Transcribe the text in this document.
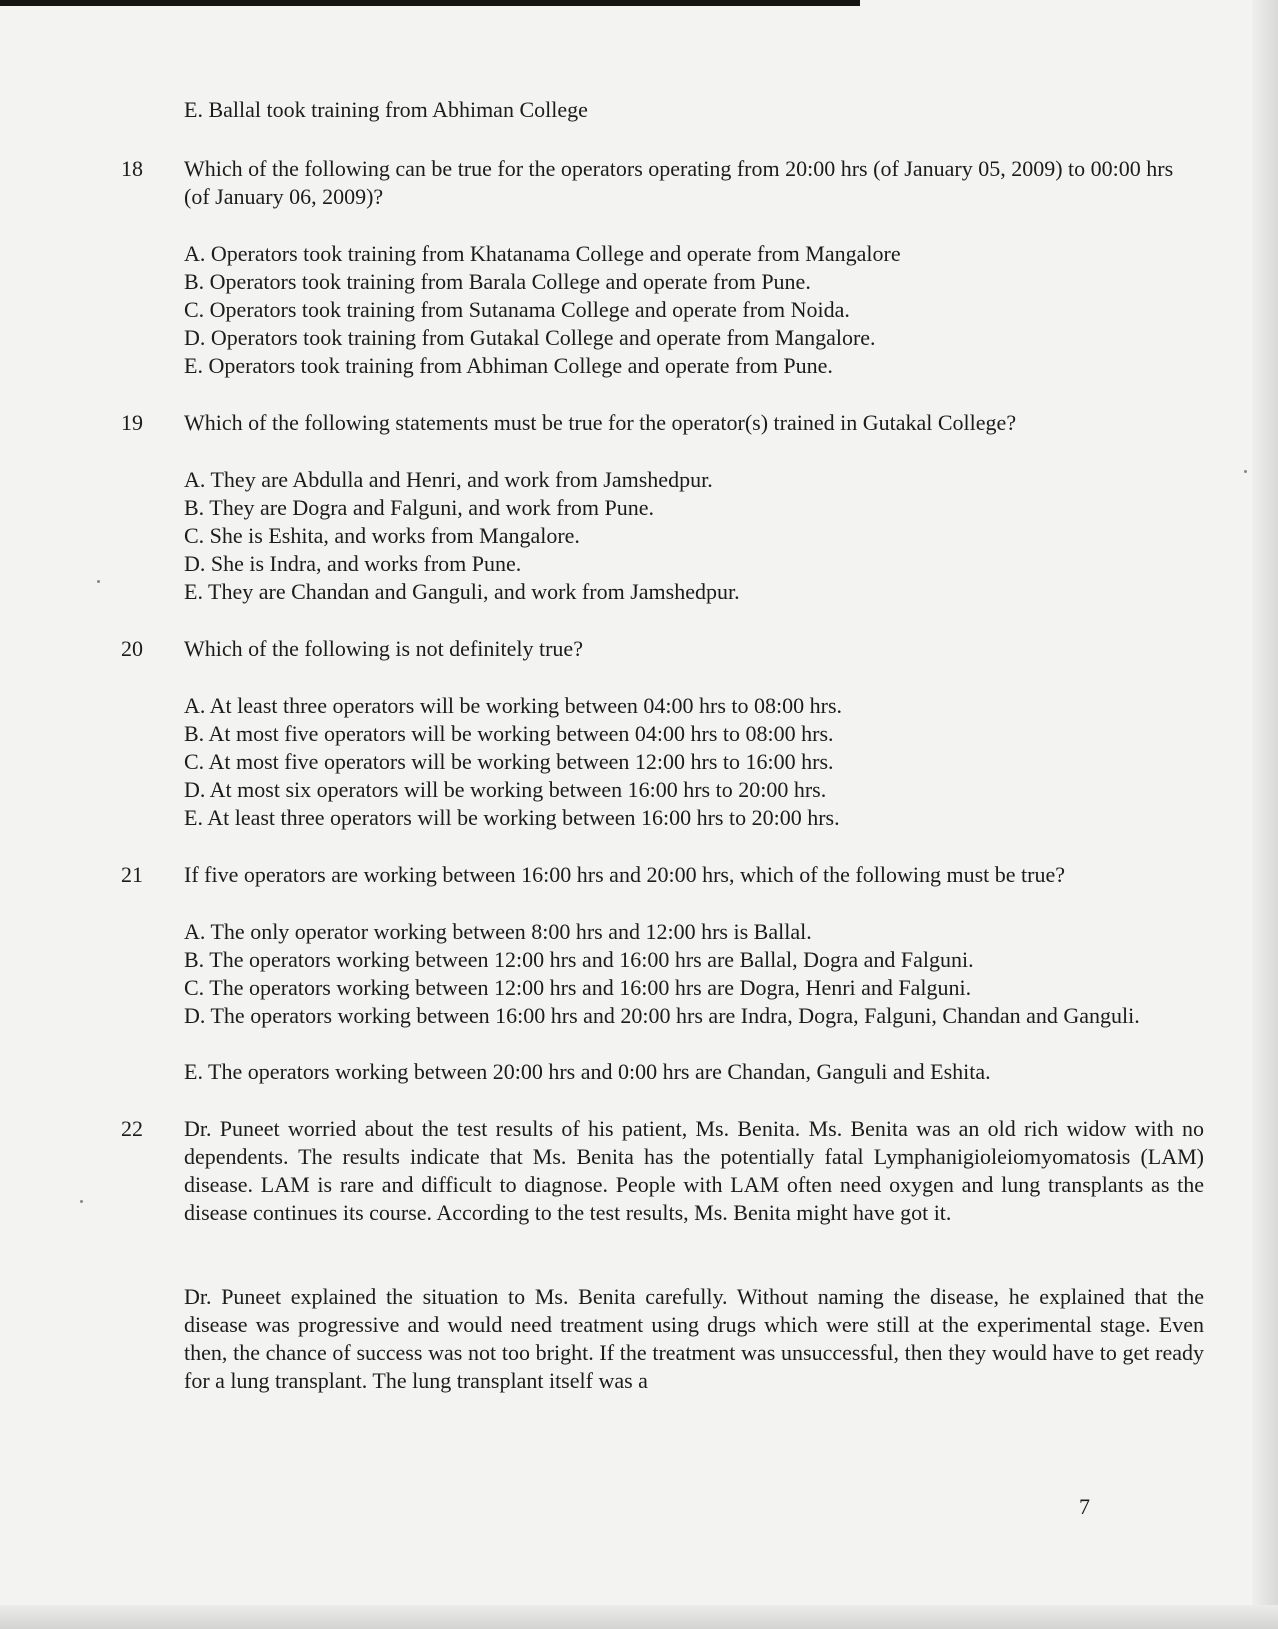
E. Ballal took training from Abhiman College
18 Which of the following can be true for the operators operating from 20:00 hrs (of January 05, 2009) to 00:00 hrs (of January 06, 2009)?
A. Operators took training from Khatanama College and operate from Mangalore
B. Operators took training from Barala College and operate from Pune.
C. Operators took training from Sutanama College and operate from Noida.
D. Operators took training from Gutakal College and operate from Mangalore.
E. Operators took training from Abhiman College and operate from Pune.
19 Which of the following statements must be true for the operator(s) trained in Gutakal College?
A. They are Abdulla and Henri, and work from Jamshedpur.
B. They are Dogra and Falguni, and work from Pune.
C. She is Eshita, and works from Mangalore.
D. She is Indra, and works from Pune.
E. They are Chandan and Ganguli, and work from Jamshedpur.
20 Which of the following is not definitely true?
A. At least three operators will be working between 04:00 hrs to 08:00 hrs.
B. At most five operators will be working between 04:00 hrs to 08:00 hrs.
C. At most five operators will be working between 12:00 hrs to 16:00 hrs.
D. At most six operators will be working between 16:00 hrs to 20:00 hrs.
E. At least three operators will be working between 16:00 hrs to 20:00 hrs.
21 If five operators are working between 16:00 hrs and 20:00 hrs, which of the following must be true?
A. The only operator working between 8:00 hrs and 12:00 hrs is Ballal.
B. The operators working between 12:00 hrs and 16:00 hrs are Ballal, Dogra and Falguni.
C. The operators working between 12:00 hrs and 16:00 hrs are Dogra, Henri and Falguni.
D. The operators working between 16:00 hrs and 20:00 hrs are Indra, Dogra, Falguni, Chandan and Ganguli.
E. The operators working between 20:00 hrs and 0:00 hrs are Chandan, Ganguli and Eshita.
22 Dr. Puneet worried about the test results of his patient, Ms. Benita. Ms. Benita was an old rich widow with no dependents. The results indicate that Ms. Benita has the potentially fatal Lymphanigioleiomyomatosis (LAM) disease. LAM is rare and difficult to diagnose. People with LAM often need oxygen and lung transplants as the disease continues its course. According to the test results, Ms. Benita might have got it.
Dr. Puneet explained the situation to Ms. Benita carefully. Without naming the disease, he explained that the disease was progressive and would need treatment using drugs which were still at the experimental stage. Even then, the chance of success was not too bright. If the treatment was unsuccessful, then they would have to get ready for a lung transplant. The lung transplant itself was a
7
